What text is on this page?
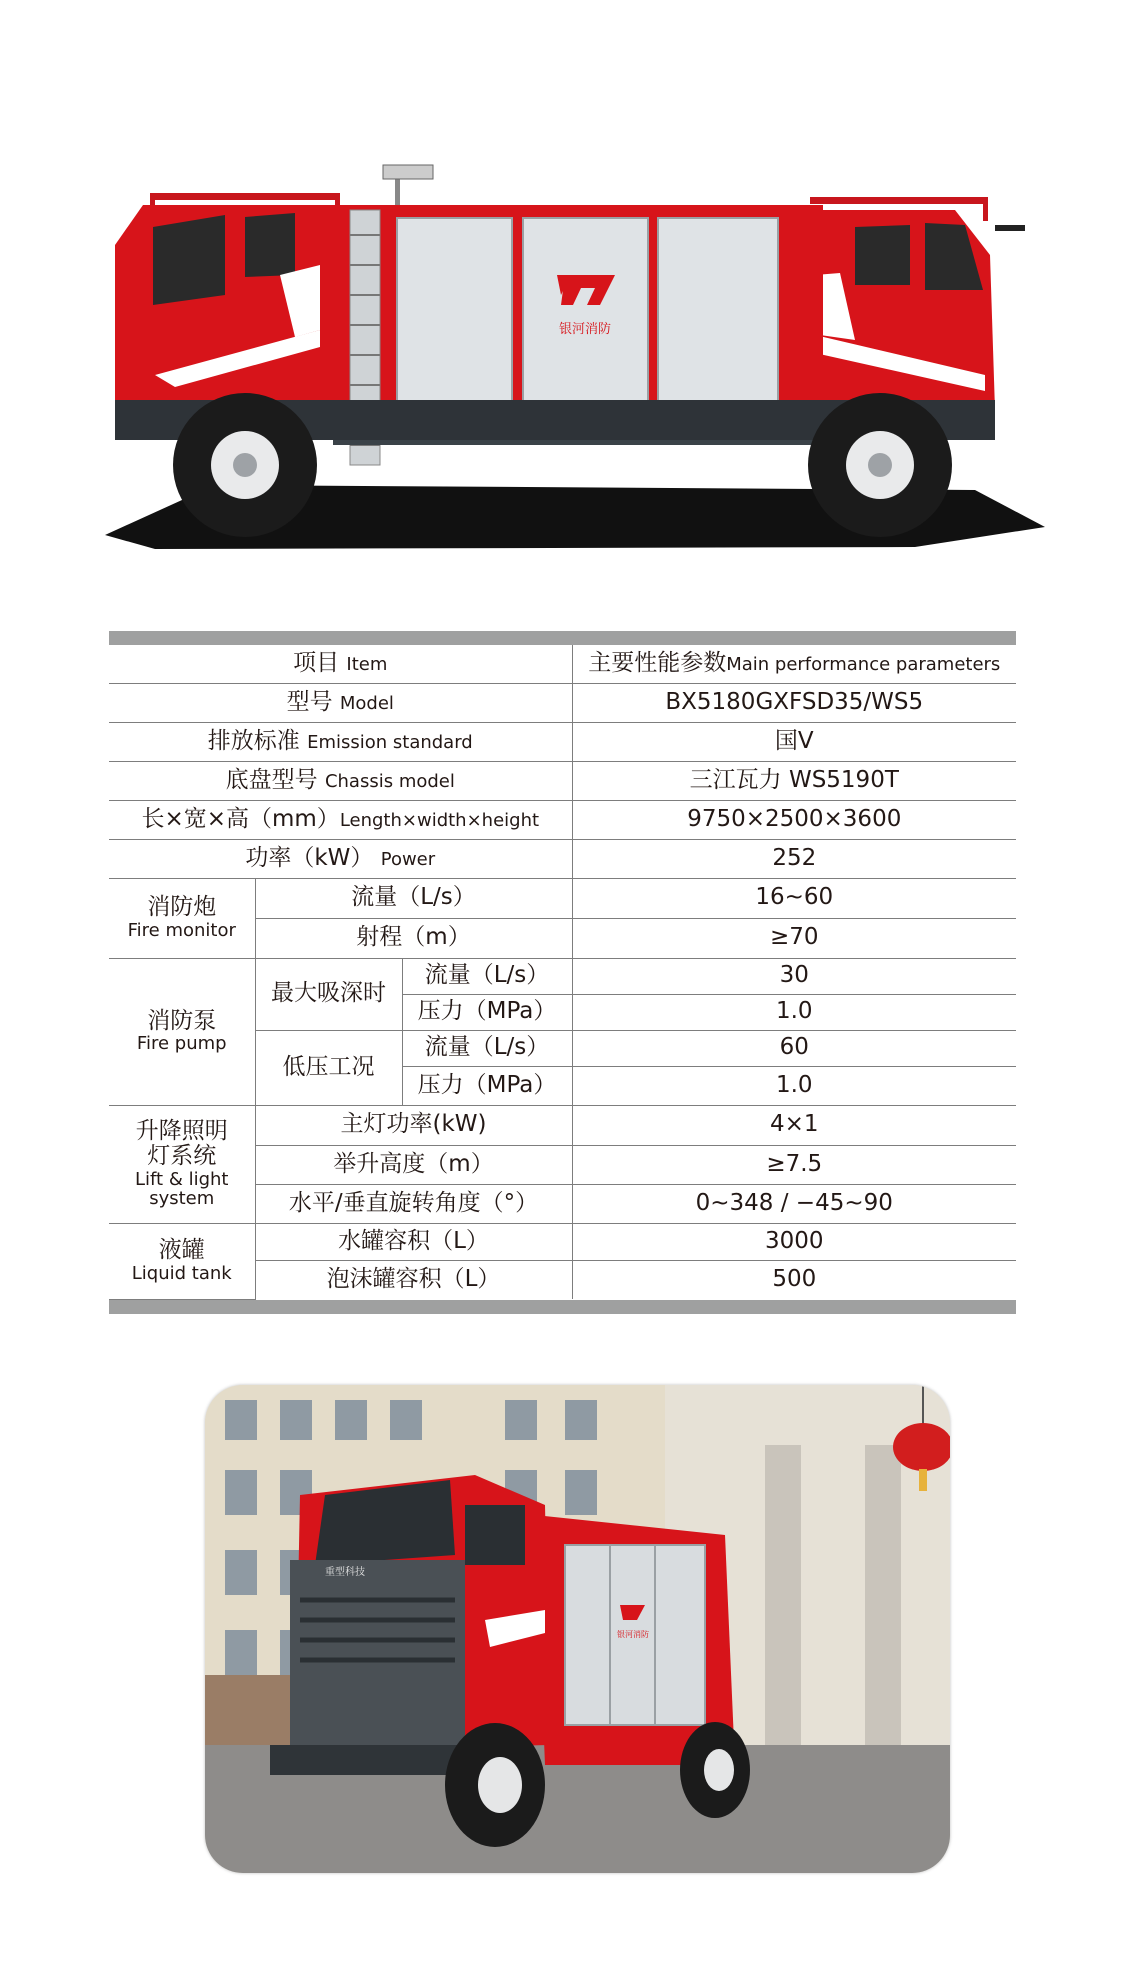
银河消防
项目 Item			主要性能参数Main performance parameters
型号 Model			BX5180GXFSD35/WS5
排放标准 Emission standard			国Ⅴ
底盘型号 Chassis model			三江瓦力 WS5190T
长×宽×高（mm）Length×width×height			9750×2500×3600
功率（kW） Power			252

消防炮
Fire monitor	流量（L/s）		16~60
	射程（m）		≥70

消防泵
Fire pump	最大吸深时	流量（L/s）	30
		压力（MPa）	1.0
	低压工况	流量（L/s）	60
		压力（MPa）	1.0

升降照明
灯系统
Lift & light
system	主灯功率(kW)		4×1
	举升高度（m）		≥7.5
	水平/垂直旋转角度（°）		0~348 / −45~90

液罐
Liquid tank	水罐容积（L）		3000
	泡沫罐容积（L）		500
银河消防
重型科技
